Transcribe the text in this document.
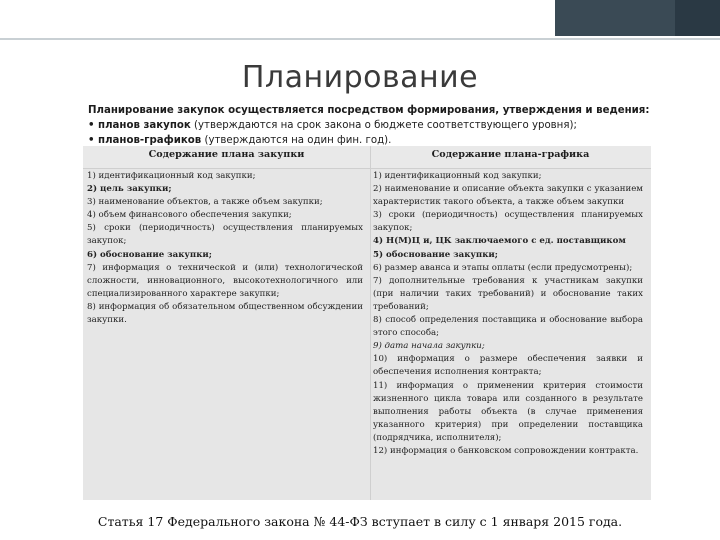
Планирование
Планирование закупок осуществляется посредством формирования, утверждения и ведения:
• планов закупок (утверждаются на срок закона о бюджете соответствующего уровня);
• планов-графиков (утверждаются на один фин. год).
Содержание плана закупки	Содержание плана-графика

1) идентификационный код закупки;

2) цель закупки;

3) наименование объектов, а также объем закупки;

4) объем финансового обеспечения закупки;

5) сроки (периодичность) осуществления планируемых закупок;

6) обоснование закупки;

7) информация о технической и (или) технологической сложности, инновационного, высокотехнологичного или специализированного характере закупки;

8) информация об обязательном общественном обсуждении закупки.

1) идентификационный код закупки;

2) наименование и описание объекта закупки с указанием характеристик такого объекта, а также объем закупки

3) сроки (периодичность) осуществления планируемых закупок;

4) Н(М)Ц и, ЦК заключаемого с ед. поставщиком

5) обоснование закупки;

6) размер аванса и этапы оплаты (если предусмотрены);

7) дополнительные требования к участникам закупки (при наличии таких требований) и обоснование таких требований;

8) способ определения поставщика и обоснование выбора этого способа;

9) дата начала закупки;

10) информация о размере обеспечения заявки и обеспечения исполнения контракта;

11) информация о применении критерия стоимости жизненного цикла товара или созданного в результате выполнения работы объекта (в случае применения указанного критерия) при определении поставщика (подрядчика, исполнителя);

12) информация о банковском сопровождении контракта.

Статья 17 Федерального закона № 44-ФЗ вступает в силу с 1 января 2015 года.
